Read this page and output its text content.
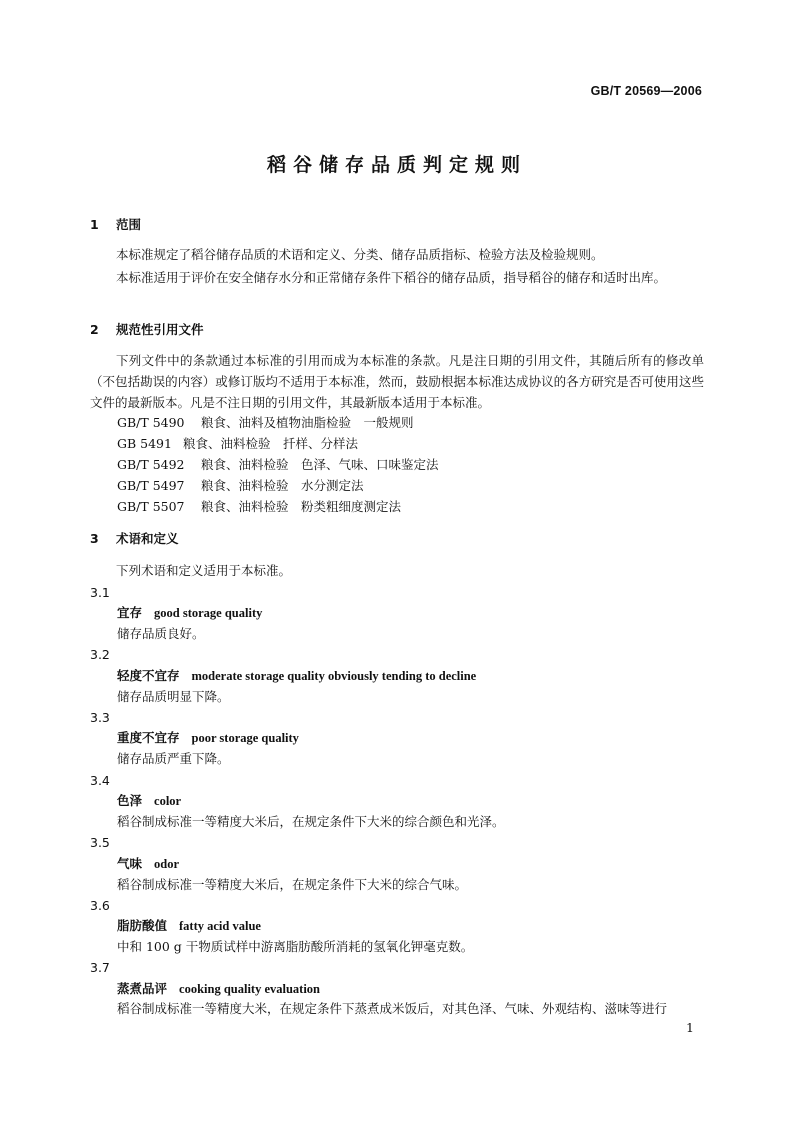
GB/T 20569—2006
稻谷储存品质判定规则
1 范围
本标准规定了稻谷储存品质的术语和定义、分类、储存品质指标、检验方法及检验规则。
本标准适用于评价在安全储存水分和正常储存条件下稻谷的储存品质，指导稻谷的储存和适时出库。
2 规范性引用文件
下列文件中的条款通过本标准的引用而成为本标准的条款。凡是注日期的引用文件，其随后所有的修改单（不包括勘误的内容）或修订版均不适用于本标准，然而，鼓励根据本标准达成协议的各方研究是否可使用这些文件的最新版本。凡是不注日期的引用文件，其最新版本适用于本标准。
GB/T 5490 粮食、油料及植物油脂检验　一般规则
GB 5491 粮食、油料检验　扦样、分样法
GB/T 5492 粮食、油料检验　色泽、气味、口味鉴定法
GB/T 5497 粮食、油料检验　水分测定法
GB/T 5507 粮食、油料检验　粉类粗细度测定法
3 术语和定义
下列术语和定义适用于本标准。
3.1
宜存 good storage quality
储存品质良好。
3.2
轻度不宜存 moderate storage quality obviously tending to decline
储存品质明显下降。
3.3
重度不宜存 poor storage quality
储存品质严重下降。
3.4
色泽 color
稻谷制成标准一等精度大米后，在规定条件下大米的综合颜色和光泽。
3.5
气味 odor
稻谷制成标准一等精度大米后，在规定条件下大米的综合气味。
3.6
脂肪酸值 fatty acid value
中和 100 g 干物质试样中游离脂肪酸所消耗的氢氧化钾毫克数。
3.7
蒸煮品评 cooking quality evaluation
稻谷制成标准一等精度大米，在规定条件下蒸煮成米饭后，对其色泽、气味、外观结构、滋味等进行
1
